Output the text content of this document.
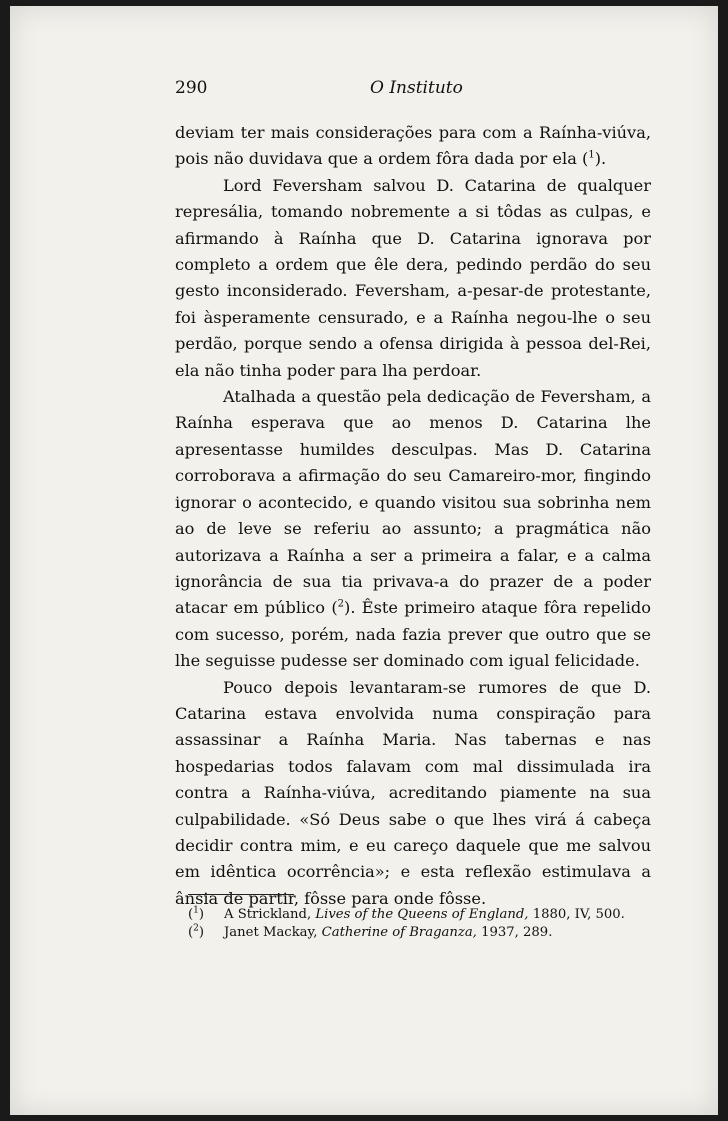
290	O Instituto

deviam ter mais considerações para com a Raínha-viúva, pois não duvidava que a ordem fôra dada por ela ($^1$).

Lord Feversham salvou D. Catarina de qualquer represália, tomando nobremente a si tôdas as culpas, e afirmando à Raínha que D. Catarina ignorava por completo a ordem que êle dera, pedindo perdão do seu gesto inconsiderado. Feversham, a-pesar-de protestante, foi àsperamente censurado, e a Raínha negou-lhe o seu perdão, porque sendo a ofensa dirigida à pessoa del-Rei, ela não tinha poder para lha perdoar.

Atalhada a questão pela dedicação de Feversham, a Raínha esperava que ao menos D. Catarina lhe apresentasse humildes desculpas. Mas D. Catarina corroborava a afirmação do seu Camareiro-mor, fingindo ignorar o acontecido, e quando visitou sua sobrinha nem ao de leve se referiu ao assunto; a pragmática não autorizava a Raínha a ser a primeira a falar, e a calma ignorância de sua tia privava-a do prazer de a poder atacar em público ($^2$). Êste primeiro ataque fôra repelido com sucesso, porém, nada fazia prever que outro que se lhe seguisse pudesse ser dominado com igual felicidade.

Pouco depois levantaram-se rumores de que D. Catarina estava envolvida numa conspiração para assassinar a Raínha Maria. Nas tabernas e nas hospedarias todos falavam com mal dissimulada ira contra a Raínha-viúva, acreditando piamente na sua culpabilidade. «Só Deus sabe o que lhes virá á cabeça decidir contra mim, e eu careço daquele que me salvou em idêntica ocorrência»; e esta reflexão estimulava a ânsia de partir, fôsse para onde fôsse.

($^1$) A Strickland, Lives of the Queens of England, 1880, IV, 500.
($^2$) Janet Mackay, Catherine of Braganza, 1937, 289.
